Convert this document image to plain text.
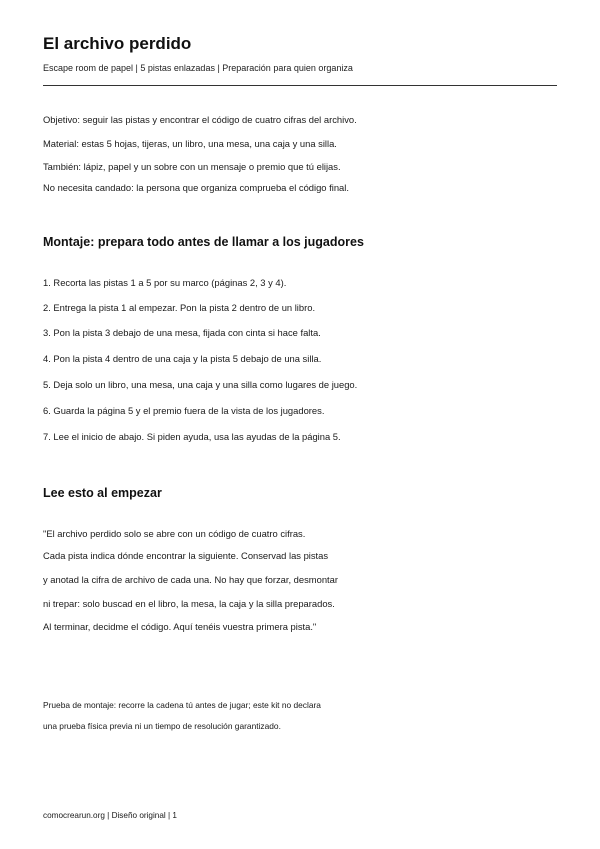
El archivo perdido
Escape room de papel | 5 pistas enlazadas | Preparación para quien organiza
Objetivo: seguir las pistas y encontrar el código de cuatro cifras del archivo.
Material: estas 5 hojas, tijeras, un libro, una mesa, una caja y una silla.
También: lápiz, papel y un sobre con un mensaje o premio que tú elijas.
No necesita candado: la persona que organiza comprueba el código final.
Montaje: prepara todo antes de llamar a los jugadores
1. Recorta las pistas 1 a 5 por su marco (páginas 2, 3 y 4).
2. Entrega la pista 1 al empezar. Pon la pista 2 dentro de un libro.
3. Pon la pista 3 debajo de una mesa, fijada con cinta si hace falta.
4. Pon la pista 4 dentro de una caja y la pista 5 debajo de una silla.
5. Deja solo un libro, una mesa, una caja y una silla como lugares de juego.
6. Guarda la página 5 y el premio fuera de la vista de los jugadores.
7. Lee el inicio de abajo. Si piden ayuda, usa las ayudas de la página 5.
Lee esto al empezar
"El archivo perdido solo se abre con un código de cuatro cifras.
Cada pista indica dónde encontrar la siguiente. Conservad las pistas
y anotad la cifra de archivo de cada una. No hay que forzar, desmontar
ni trepar: solo buscad en el libro, la mesa, la caja y la silla preparados.
Al terminar, decidme el código. Aquí tenéis vuestra primera pista."
Prueba de montaje: recorre la cadena tú antes de jugar; este kit no declara
una prueba física previa ni un tiempo de resolución garantizado.
comocrearun.org | Diseño original | 1
